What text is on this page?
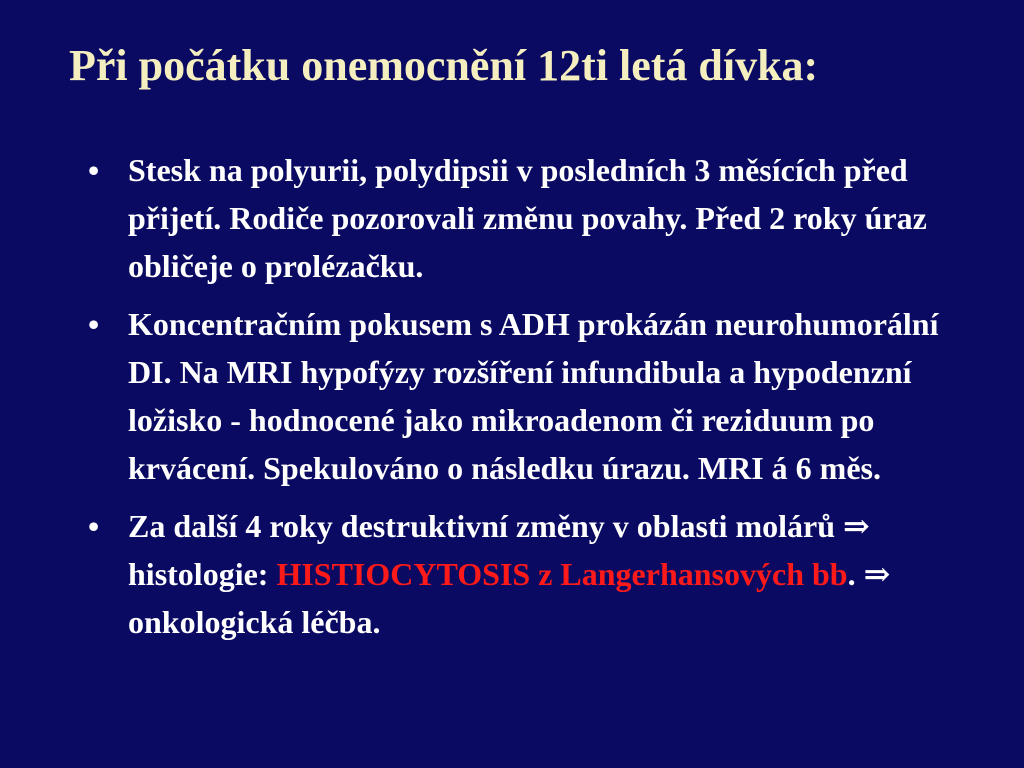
Při počátku onemocnění 12ti letá dívka:
• Stesk na polyurii, polydipsii v posledních 3 měsících před přijetí. Rodiče pozorovali změnu povahy. Před 2 roky úraz obličeje o prolézačku.
• Koncentračním pokusem s ADH prokázán neurohumorální DI. Na MRI hypofýzy rozšíření infundibula a hypodenzní ložisko - hodnocené jako mikroadenom či reziduum po krvácení. Spekulováno o následku úrazu. MRI á 6 měs.
• Za další 4 roky destruktivní změny v oblasti molárů ⇒ histologie: HISTIOCYTOSIS z Langerhansových bb. ⇒ onkologická léčba.
